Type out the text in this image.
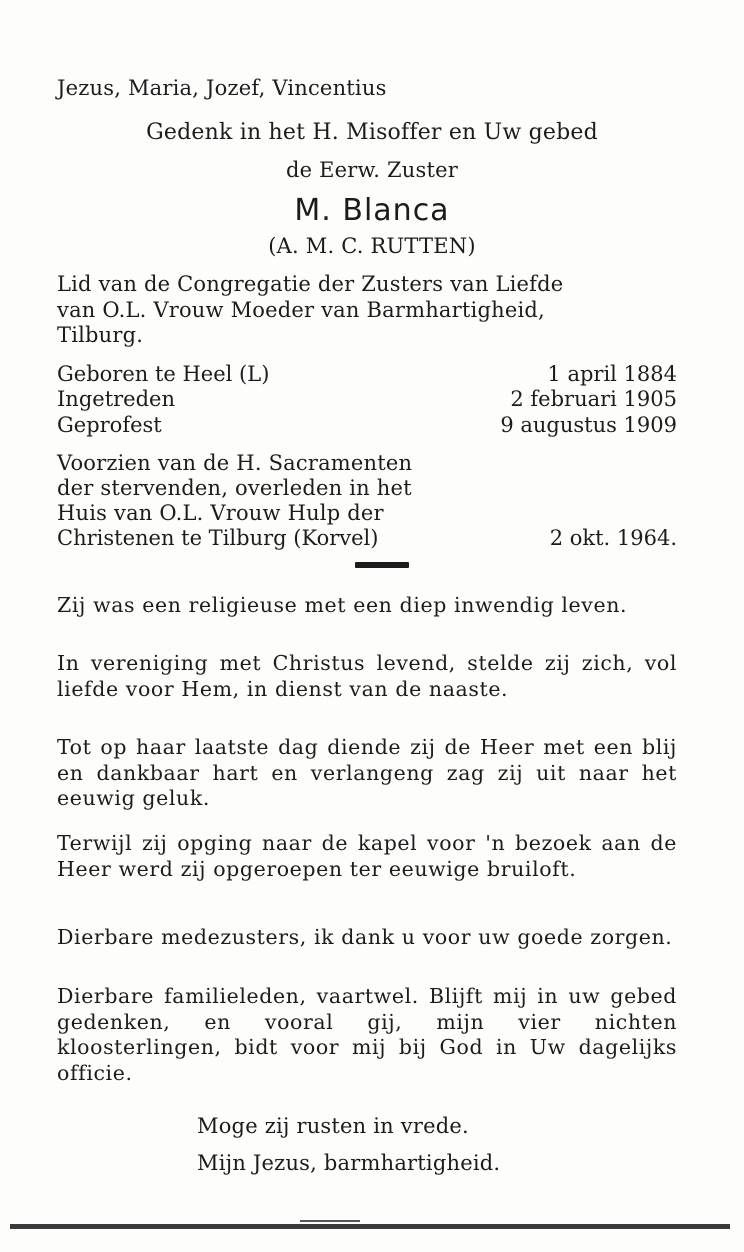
Jezus, Maria, Jozef, Vincentius
Gedenk in het H. Misoffer en Uw gebed
de Eerw. Zuster
M. Blanca
(A. M. C. RUTTEN)
Lid van de Congregatie der Zusters van Liefde
van O.L. Vrouw Moeder van Barmhartigheid,
Tilburg.
Geboren te Heel (L)	1 april 1884
Ingetreden	2 februari 1905
Geprofest	9 augustus 1909
Voorzien van de H. Sacramenten
der stervenden, overleden in het
Huis van O.L. Vrouw Hulp der
Christenen te Tilburg (Korvel)	2 okt. 1964.
Zij was een religieuse met een diep inwendig leven.
In vereniging met Christus levend, stelde zij zich, vol liefde voor Hem, in dienst van de naaste.
Tot op haar laatste dag diende zij de Heer met een blij en dankbaar hart en verlangeng zag zij uit naar het eeuwig geluk.
Terwijl zij opging naar de kapel voor 'n bezoek aan de Heer werd zij opgeroepen ter eeuwige bruiloft.
Dierbare medezusters, ik dank u voor uw goede zorgen.
Dierbare familieleden, vaartwel. Blijft mij in uw gebed gedenken, en vooral gij, mijn vier nichten kloosterlingen, bidt voor mij bij God in Uw dagelijks officie.
Moge zij rusten in vrede.
Mijn Jezus, barmhartigheid.
